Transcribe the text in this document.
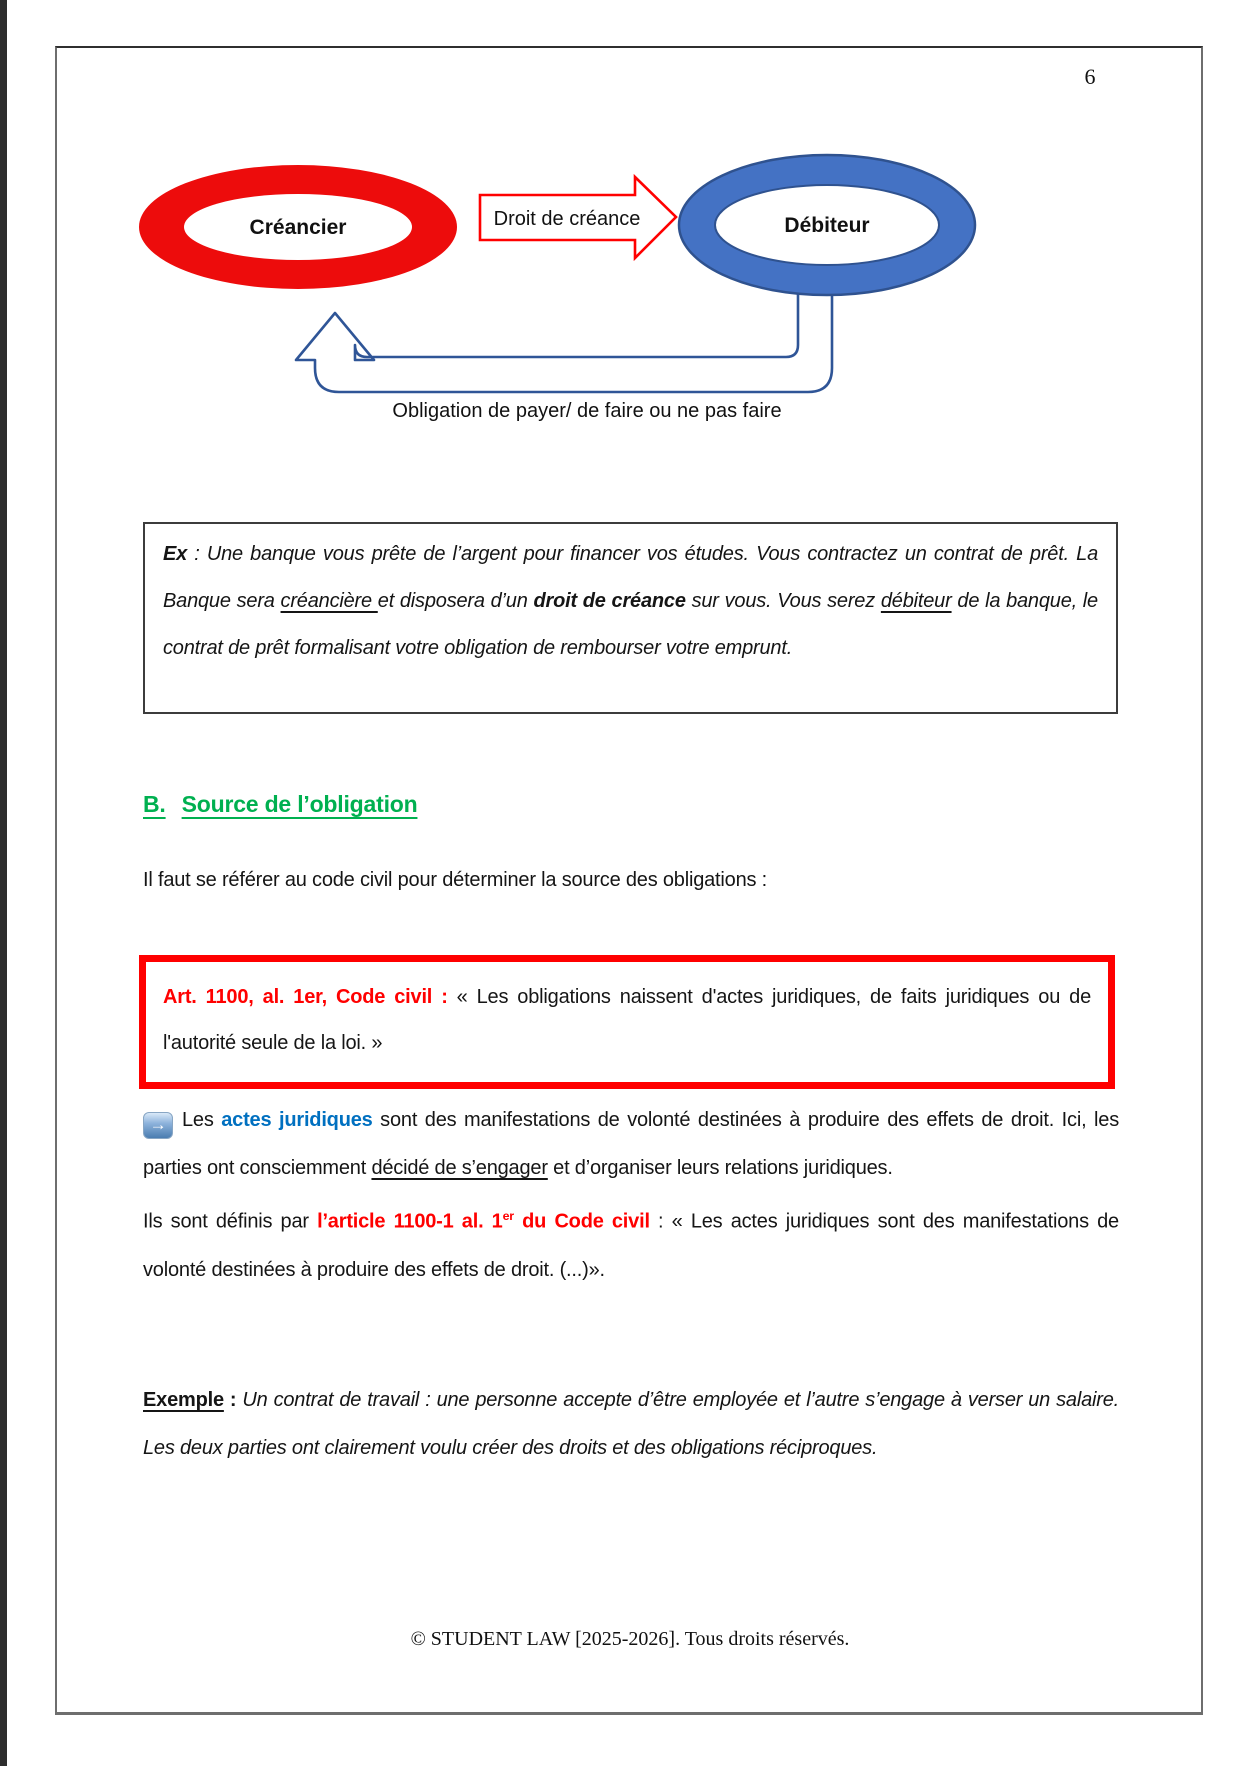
6
Créancier	Droit de créance	Débiteur
Obligation de payer/ de faire ou ne pas faire
Ex : Une banque vous prête de l’argent pour financer vos études. Vous contractez un contrat de prêt. La Banque sera créancière et disposera d’un droit de créance sur vous. Vous serez débiteur de la banque, le contrat de prêt formalisant votre obligation de rembourser votre emprunt.
B. Source de l’obligation
Il faut se référer au code civil pour déterminer la source des obligations :
Art. 1100, al. 1er, Code civil : « Les obligations naissent d'actes juridiques, de faits juridiques ou de l'autorité seule de la loi. »

→ Les actes juridiques sont des manifestations de volonté destinées à produire des effets de droit. Ici, les parties ont consciemment décidé de s’engager et d’organiser leurs relations juridiques.

Ils sont définis par l’article 1100-1 al. 1er du Code civil : « Les actes juridiques sont des manifestations de volonté destinées à produire des effets de droit. (...)».

Exemple : Un contrat de travail : une personne accepte d’être employée et l’autre s’engage à verser un salaire. Les deux parties ont clairement voulu créer des droits et des obligations réciproques.
© STUDENT LAW [2025-2026]. Tous droits réservés.
